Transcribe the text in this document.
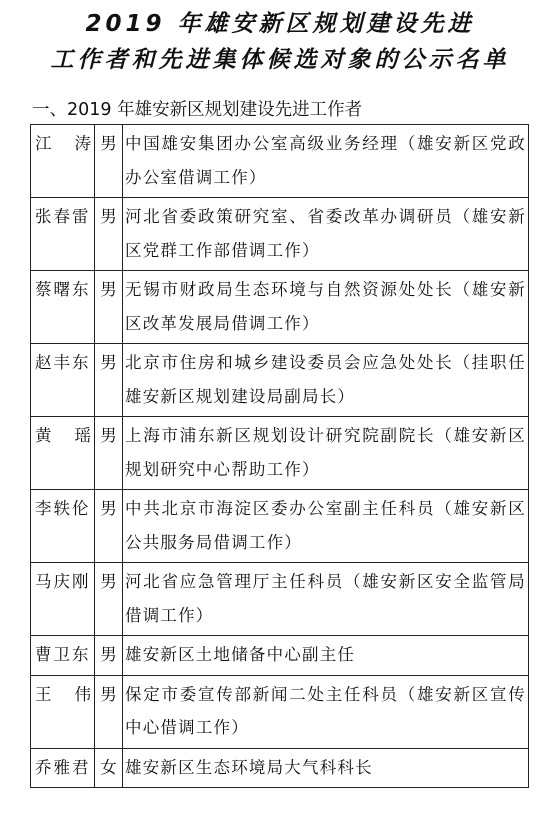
2019 年雄安新区规划建设先进
工作者和先进集体候选对象的公示名单
一、2019 年雄安新区规划建设先进工作者
江 涛	男	中国雄安集团办公室高级业务经理（雄安新区党政办公室借调工作）
张春雷	男	河北省委政策研究室、省委改革办调研员（雄安新区党群工作部借调工作）
蔡曙东	男	无锡市财政局生态环境与自然资源处处长（雄安新区改革发展局借调工作）
赵丰东	男	北京市住房和城乡建设委员会应急处处长（挂职任雄安新区规划建设局副局长）

黄 瑶	男	上海市浦东新区规划设计研究院副院长（雄安新区规划研究中心帮助工作）
李轶伦	男	中共北京市海淀区委办公室副主任科员（雄安新区公共服务局借调工作）
马庆刚	男	河北省应急管理厅主任科员（雄安新区安全监管局借调工作）
曹卫东	男	雄安新区土地储备中心副主任

王 伟	男	保定市委宣传部新闻二处主任科员（雄安新区宣传中心借调工作）
乔雅君	女	雄安新区生态环境局大气科科长
